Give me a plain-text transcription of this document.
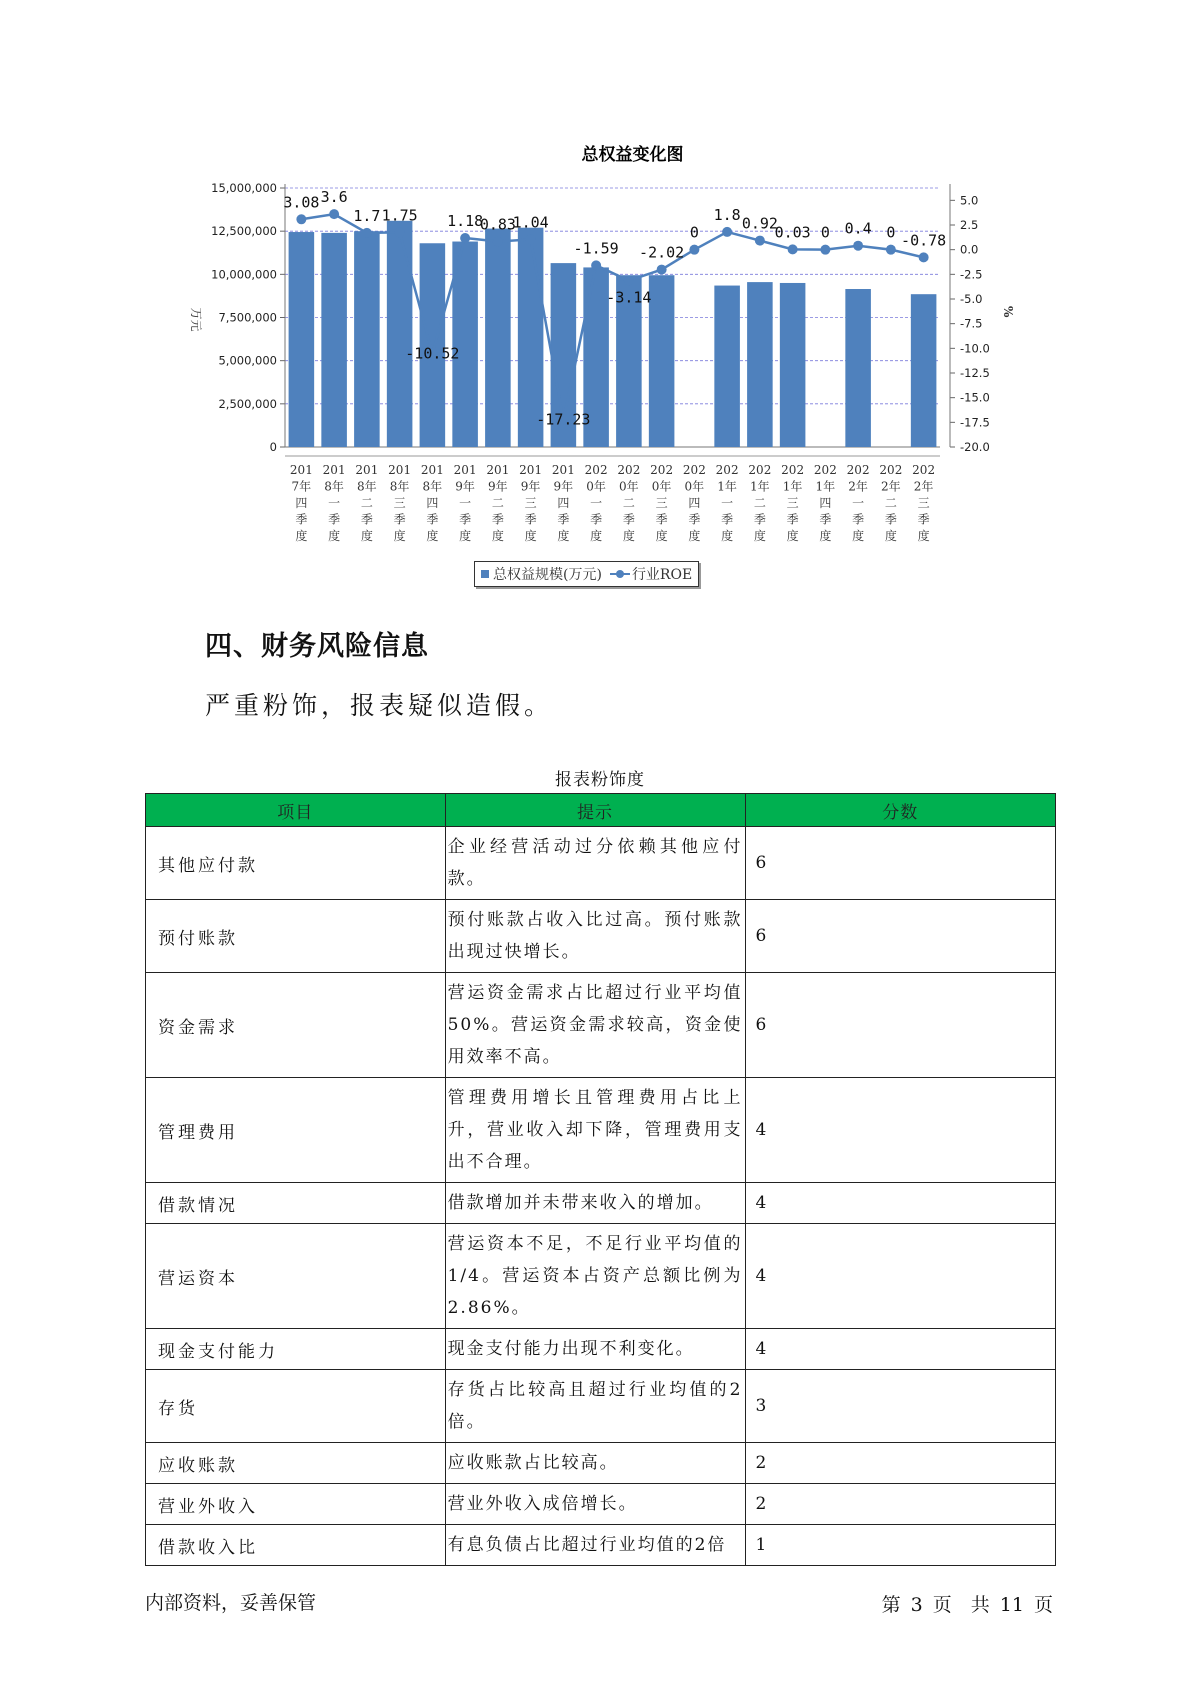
总权益变化图
15,000,000
12,500,000
10,000,000
7,500,000
5,000,000
2,500,000
0
5.0
2.5
0.0
-2.5
-5.0
-7.5
-10.0
-12.5
-15.0
-17.5
-20.0
万元	%
3.08 3.6
1.7 1.75
-10.52
1.18
0.83
1.04
-17.23
-1.59
-3.14
-2.02
0
1.8 0.92
0.03 0 0.4 0 -0.78
201
7年
四
季
度
201
8年
一
季
度
201
8年
二
季
度
201
8年
三
季
度
201
8年
四
季
度
201
9年
一
季
度
201
9年
二
季
度
201
9年
三
季
度
201
9年
四
季
度
202
0年
一
季
度
202
0年
二
季
度
202
0年
三
季
度
202
0年
四
季
度
202
1年
一
季
度
202
1年
二
季
度
202
1年
三
季
度
202
1年
四
季
度
202
2年
一
季
度
202
2年
二
季
度
202
2年
三
季
度
总权益规模(万元) 行业ROE
四、财务风险信息

严重粉饰，报表疑似造假。

报表粉饰度
项目	提示	分数
其他应付款	企业经营活动过分依赖其他应付款。	6
预付账款	预付账款占收入比过高。预付账款出现过快增长。	6
资金需求	营运资金需求占比超过行业平均值50%。营运资金需求较高，资金使用效率不高。	6
管理费用	管理费用增长且管理费用占比上升，营业收入却下降，管理费用支出不合理。	4
借款情况	借款增加并未带来收入的增加。	4
营运资本	营运资本不足，不足行业平均值的1/4。营运资本占资产总额比例为2.86%。	4
现金支付能力	现金支付能力出现不利变化。	4
存货	存货占比较高且超过行业均值的2倍。	3
应收账款	应收账款占比较高。	2
营业外收入	营业外收入成倍增长。	2
借款收入比	有息负债占比超过行业均值的2倍	1
内部资料，妥善保管	第 3 页　共 11 页
